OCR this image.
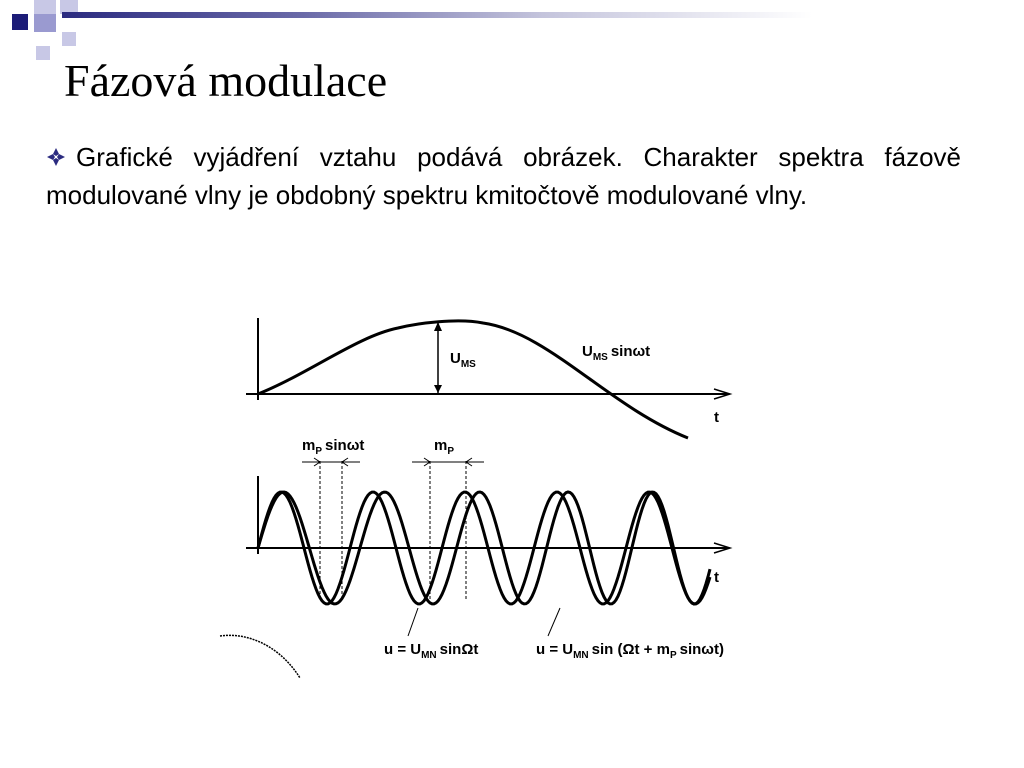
Fázová modulace

Grafické vyjádření vztahu podává obrázek. Charakter spektra fázově modulované vlny je obdobný spektru kmitočtově modulované vlny.

$U_{MS}$
$U_{MS}$ sinωt
t
$m_P$ sinωt	$m_P$
t
$u = U_{MN}$ sinΩt	$u = U_{MN}$ $\sin (\Omega t + m_P$ sinωt)
